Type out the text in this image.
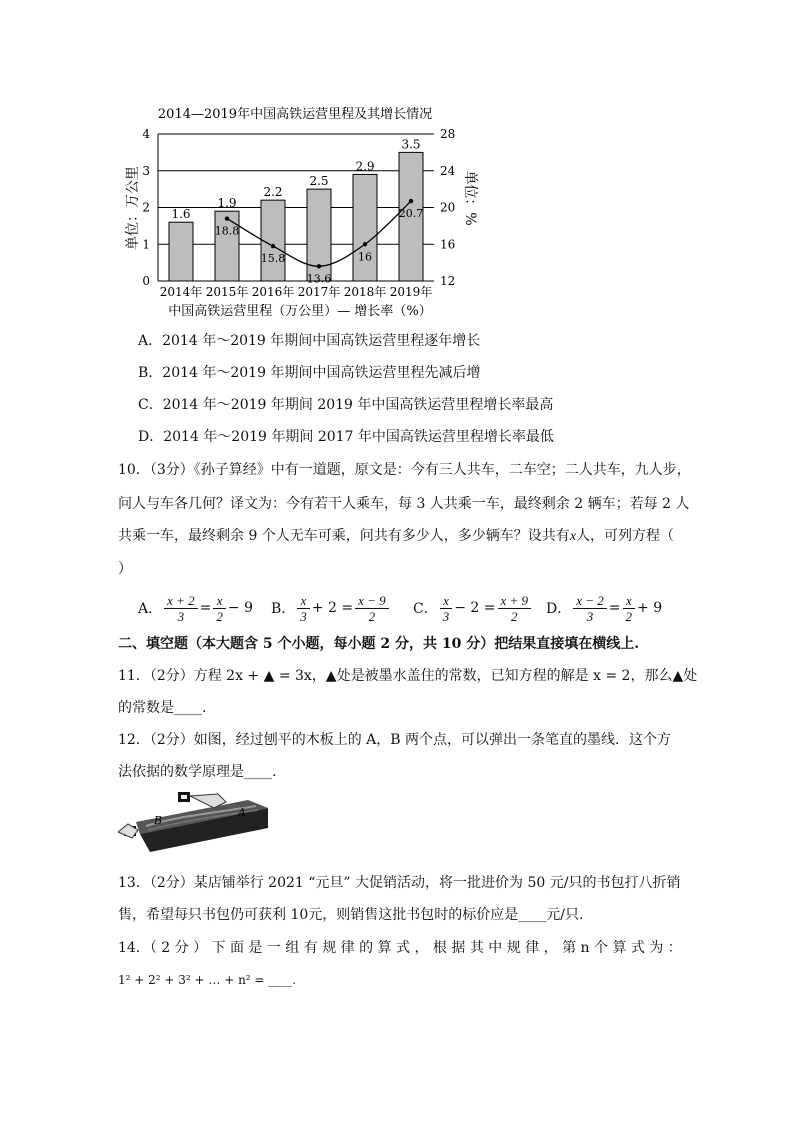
2014—2019年中国高铁运营里程及其增长情况
1.6
1.9
2.2
2.5
2.9
3.5
18.8
15.8
13.6
16
20.7
0
1
2
3
4
12
16
20
24
28
2014年 2015年 2016年 2017年 2018年 2019年
单位：万公里	单位：%
中国高铁运营里程（万公里）— 增长率（%）
A．2014 年～2019 年期间中国高铁运营里程逐年增长
B．2014 年～2019 年期间中国高铁运营里程先减后增
C．2014 年～2019 年期间 2019 年中国高铁运营里程增长率最高
D．2014 年～2019 年期间 2017 年中国高铁运营里程增长率最低
10．（3分）《孙子算经》中有一道题，原文是：今有三人共车，二车空；二人共车，九人步，
问人与车各几何？译文为：今有若干人乘车，每 3 人共乘一车，最终剩余 2 辆车；若每 2 人
共乘一车，最终剩余 9 个人无车可乘，问共有多少人，多少辆车？设共有x人，可列方程（
）
A． $\frac{x + 2}{3} = \frac{x}{2} - 9$ B． $\frac{x}{3} + 2 = \frac{x - 9}{2}$ C． $\frac{x}{3} - 2 = \frac{x + 9}{2}$ D． $\frac{x - 2}{3} = \frac{x}{2} + 9$
二、填空题（本大题含 5 个小题，每小题 2 分，共 10 分）把结果直接填在横线上.
11．（2分）方程 2x + ▲ = 3x，▲处是被墨水盖住的常数，已知方程的解是 x = 2，那么▲处
的常数是____.
12．（2分）如图，经过刨平的木板上的 A，B 两个点，可以弹出一条笔直的墨线．这个方
法依据的数学原理是____.
A
B
13．（2分）某店铺举行 2021 “元旦” 大促销活动，将一批进价为 50 元/只的书包打八折销
售，希望每只书包仍可获利 10元，则销售这批书包时的标价应是____元/只.
14．（ 2 分 ） 下 面 是 一 组 有 规 律 的 算 式 ， 根 据 其 中 规 律 ， 第 n 个 算 式 为 ：
1² + 2² + 3² + … + n² = ____.
